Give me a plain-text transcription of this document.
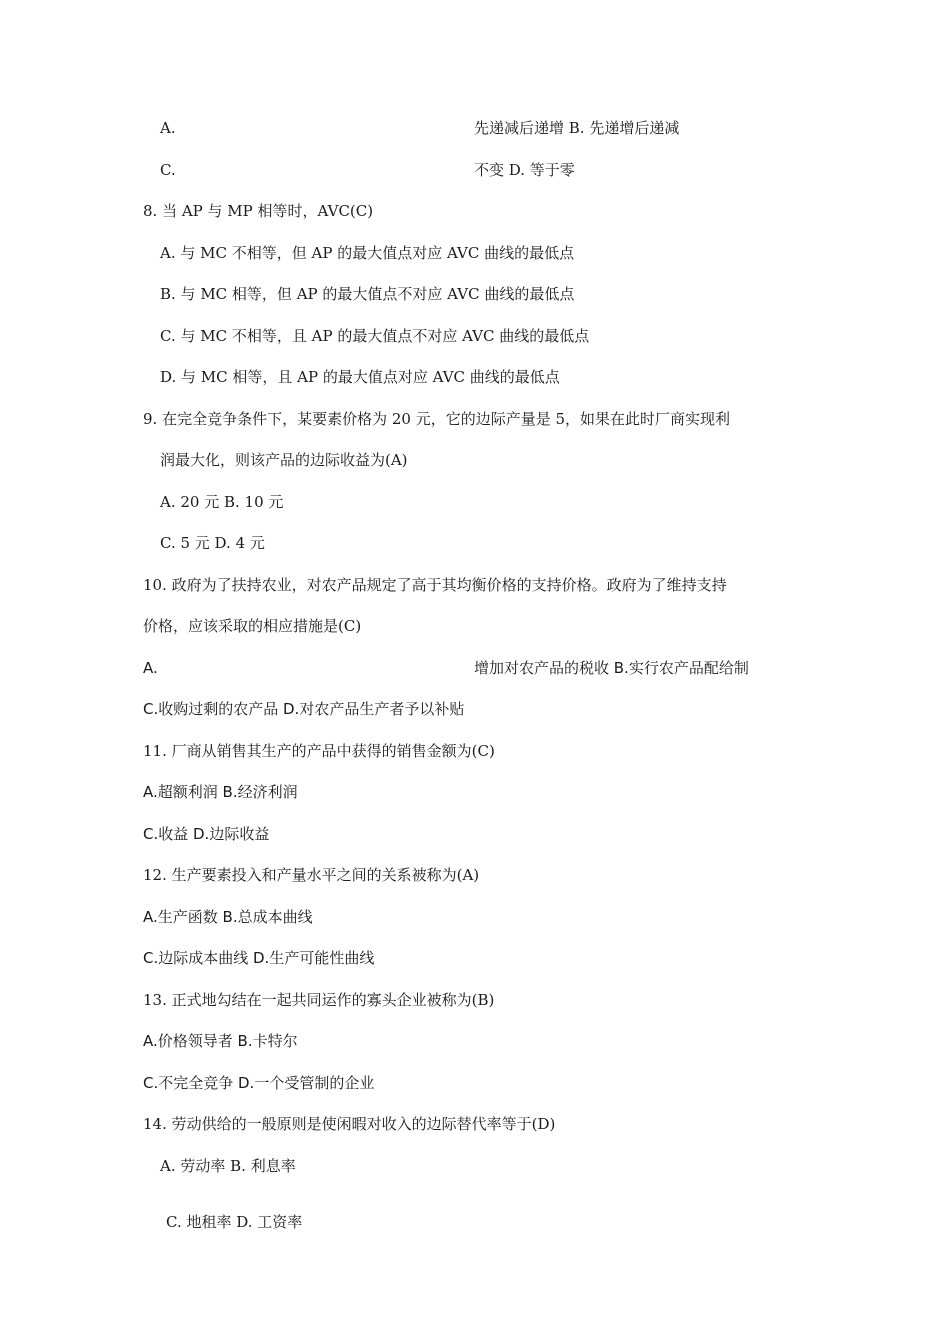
A.	先递减后递增 B. 先递增后递减
C.	不变 D. 等于零
8. 当 AP 与 MP 相等时，AVC(C)
A. 与 MC 不相等，但 AP 的最大值点对应 AVC 曲线的最低点
B. 与 MC 相等，但 AP 的最大值点不对应 AVC 曲线的最低点
C. 与 MC 不相等，且 AP 的最大值点不对应 AVC 曲线的最低点
D. 与 MC 相等，且 AP 的最大值点对应 AVC 曲线的最低点
9. 在完全竞争条件下，某要素价格为 20 元，它的边际产量是 5，如果在此时厂商实现利
润最大化，则该产品的边际收益为(A)
A. 20 元 B. 10 元
C. 5 元 D. 4 元
10. 政府为了扶持农业，对农产品规定了高于其均衡价格的支持价格。政府为了维持支持
价格，应该采取的相应措施是(C)
A.	增加对农产品的税收 B.实行农产品配给制
C.收购过剩的农产品 D.对农产品生产者予以补贴
11. 厂商从销售其生产的产品中获得的销售金额为(C)
A.超额利润 B.经济利润
C.收益 D.边际收益
12. 生产要素投入和产量水平之间的关系被称为(A)
A.生产函数 B.总成本曲线
C.边际成本曲线 D.生产可能性曲线
13. 正式地勾结在一起共同运作的寡头企业被称为(B)
A.价格领导者 B.卡特尔
C.不完全竞争 D.一个受管制的企业
14. 劳动供给的一般原则是使闲暇对收入的边际替代率等于(D)
A. 劳动率 B. 利息率
C. 地租率 D. 工资率
